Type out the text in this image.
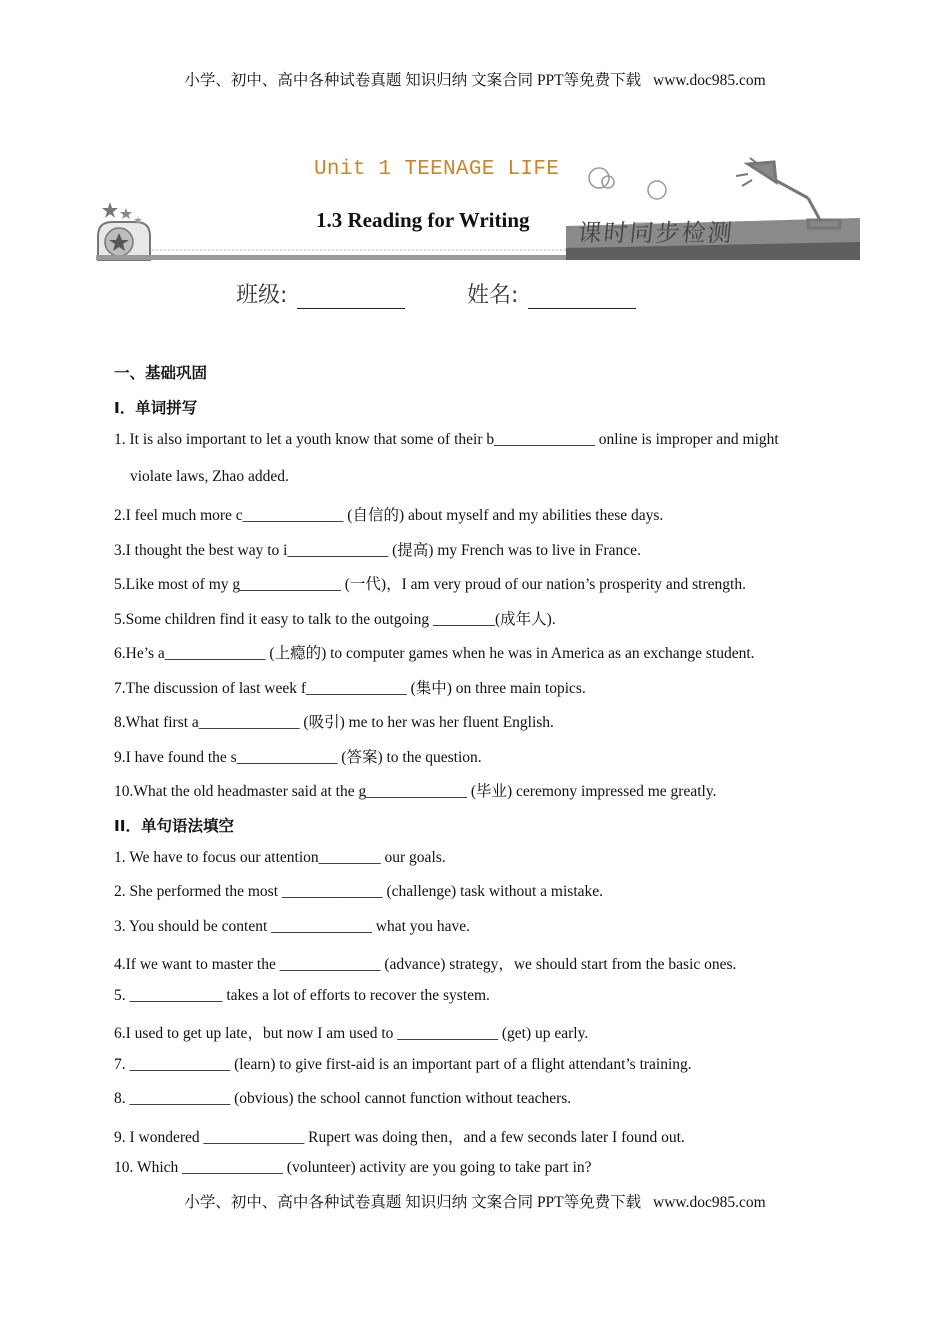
小学、初中、高中各种试卷真题 知识归纳 文案合同 PPT等免费下载 www.doc985.com
Unit 1 TEENAGE LIFE
1.3 Reading for Writing 课时同步检测
班级:	姓名:
一、基础巩固
I．单词拼写
1. It is also important to let a youth know that some of their b_____________ online is improper and might
violate laws, Zhao added.
2.I feel much more c_____________ (自信的) about myself and my abilities these days.
3.I thought the best way to i_____________ (提高) my French was to live in France.
5.Like most of my g_____________ (一代)，I am very proud of our nation’s prosperity and strength.
5.Some children find it easy to talk to the outgoing ________(成年人).
6.He’s a_____________ (上瘾的) to computer games when he was in America as an exchange student.
7.The discussion of last week f_____________ (集中) on three main topics.
8.What first a_____________ (吸引) me to her was her fluent English.
9.I have found the s_____________ (答案) to the question.
10.What the old headmaster said at the g_____________ (毕业) ceremony impressed me greatly.
II．单句语法填空
1. We have to focus our attention________ our goals.
2. She performed the most _____________ (challenge) task without a mistake.
3. You should be content _____________ what you have.
4.If we want to master the _____________ (advance) strategy，we should start from the basic ones.
5. ____________ takes a lot of efforts to recover the system.
6.I used to get up late，but now I am used to _____________ (get) up early.
7. _____________ (learn) to give first-aid is an important part of a flight attendant’s training.
8. _____________ (obvious) the school cannot function without teachers.
9. I wondered _____________ Rupert was doing then，and a few seconds later I found out.
10. Which _____________ (volunteer) activity are you going to take part in?
小学、初中、高中各种试卷真题 知识归纳 文案合同 PPT等免费下载 www.doc985.com
